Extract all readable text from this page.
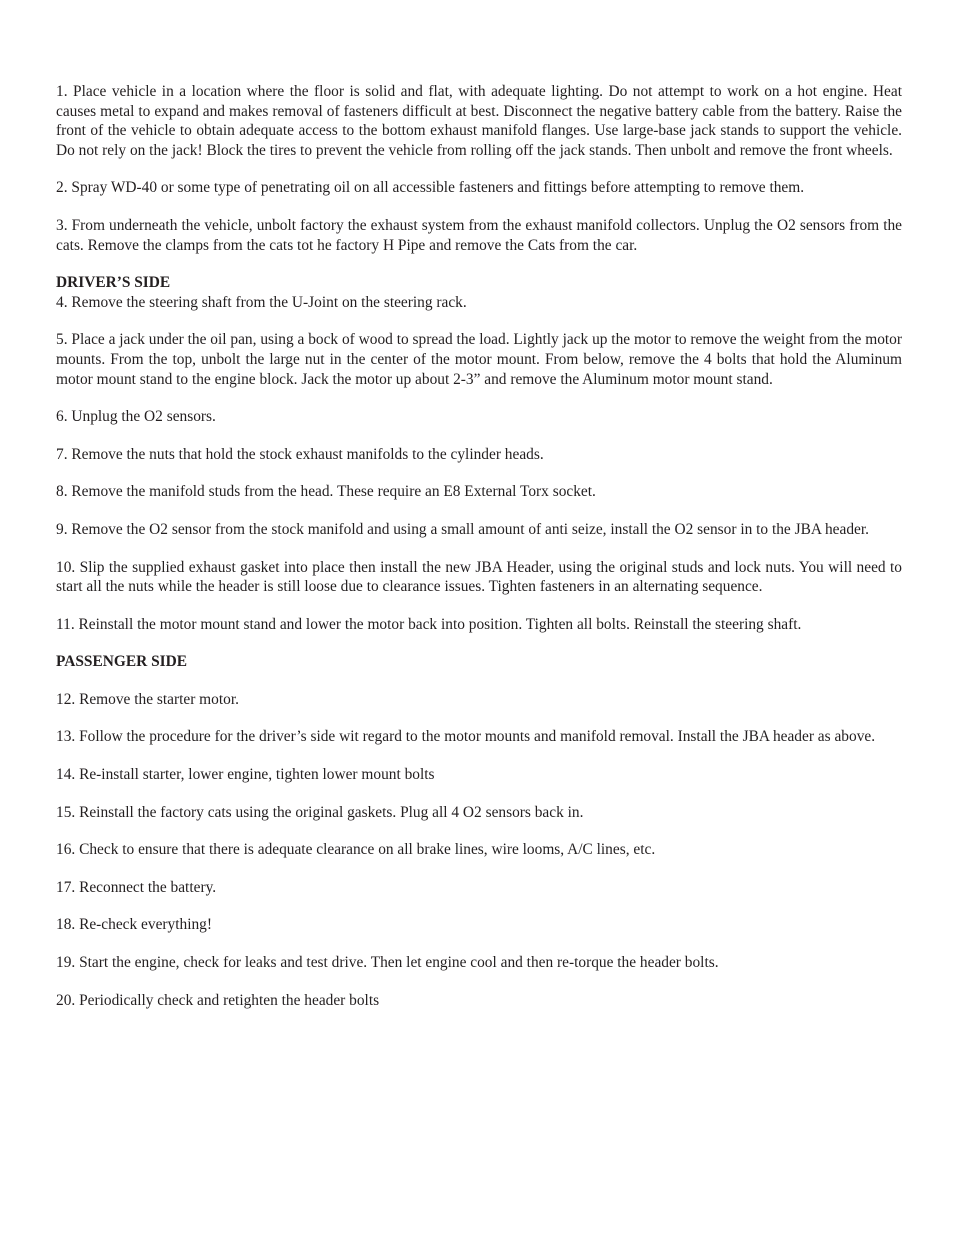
1. Place vehicle in a location where the floor is solid and flat, with adequate lighting. Do not attempt to work on a hot engine. Heat causes metal to expand and makes removal of fasteners difficult at best. Disconnect the negative battery cable from the battery. Raise the front of the vehicle to obtain adequate access to the bottom exhaust manifold flanges. Use large-base jack stands to support the vehicle. Do not rely on the jack! Block the tires to prevent the vehicle from rolling off the jack stands. Then unbolt and remove the front wheels.

2. Spray WD-40 or some type of penetrating oil on all accessible fasteners and fittings before attempting to remove them.

3. From underneath the vehicle, unbolt factory the exhaust system from the exhaust manifold collectors. Unplug the O2 sensors from the cats. Remove the clamps from the cats tot he factory H Pipe and remove the Cats from the car.

DRIVER’S SIDE

4. Remove the steering shaft from the U-Joint on the steering rack.

5. Place a jack under the oil pan, using a bock of wood to spread the load. Lightly jack up the motor to remove the weight from the motor mounts. From the top, unbolt the large nut in the center of the motor mount. From below, remove the 4 bolts that hold the Aluminum motor mount stand to the engine block. Jack the motor up about 2-3” and remove the Aluminum motor mount stand.

6. Unplug the O2 sensors.

7. Remove the nuts that hold the stock exhaust manifolds to the cylinder heads.

8. Remove the manifold studs from the head. These require an E8 External Torx socket.

9. Remove the O2 sensor from the stock manifold and using a small amount of anti seize, install the O2 sensor in to the JBA header.

10. Slip the supplied exhaust gasket into place then install the new JBA Header, using the original studs and lock nuts. You will need to start all the nuts while the header is still loose due to clearance issues. Tighten fasteners in an alternating sequence.

11. Reinstall the motor mount stand and lower the motor back into position. Tighten all bolts. Reinstall the steering shaft.

PASSENGER SIDE

12. Remove the starter motor.

13. Follow the procedure for the driver’s side wit regard to the motor mounts and manifold removal. Install the JBA header as above.

14. Re-install starter, lower engine, tighten lower mount bolts

15. Reinstall the factory cats using the original gaskets. Plug all 4 O2 sensors back in.

16. Check to ensure that there is adequate clearance on all brake lines, wire looms, A/C lines, etc.

17. Reconnect the battery.

18. Re-check everything!

19. Start the engine, check for leaks and test drive. Then let engine cool and then re-torque the header bolts.

20. Periodically check and retighten the header bolts
